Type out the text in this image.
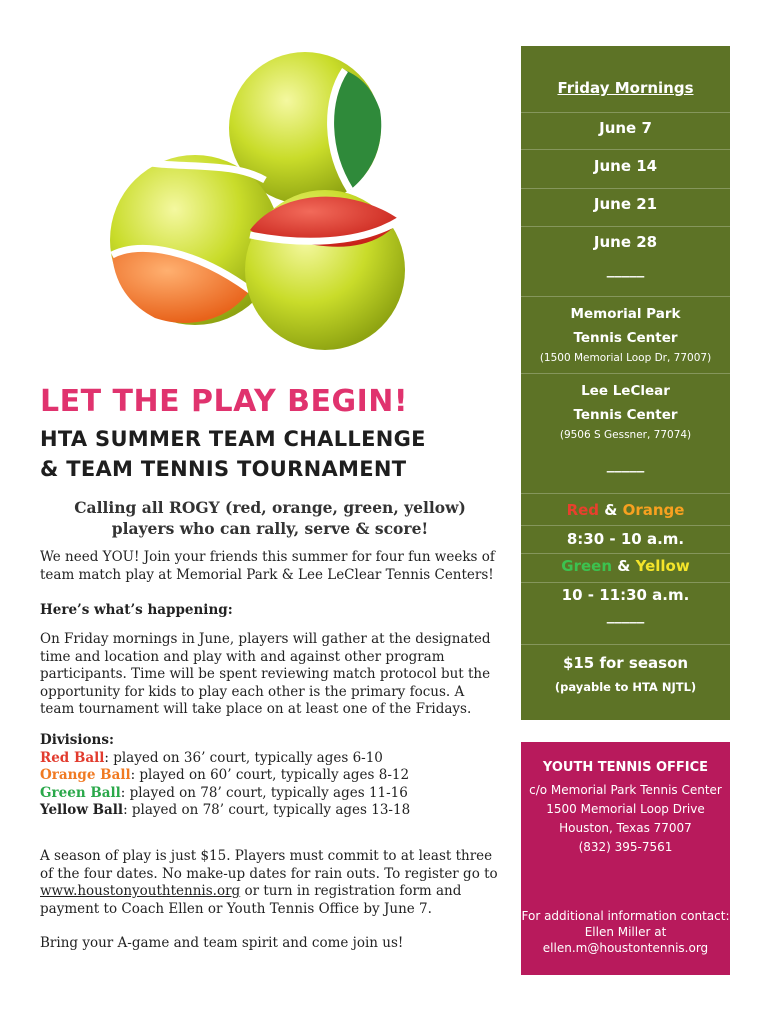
LET THE PLAY BEGIN!
HTA SUMMER TEAM CHALLENGE
& TEAM TENNIS TOURNAMENT
Calling all ROGY (red, orange, green, yellow)
players who can rally, serve & score!
We need YOU! Join your friends this summer for four fun weeks of team match play at Memorial Park & Lee LeClear Tennis Centers!
Here’s what’s happening:
On Friday mornings in June, players will gather at the designated time and location and play with and against other program participants. Time will be spent reviewing match protocol but the opportunity for kids to play each other is the primary focus. A team tournament will take place on at least one of the Fridays.
Divisions:
Red Ball: played on 36’ court, typically ages 6-10
Orange Ball: played on 60’ court, typically ages 8-12
Green Ball: played on 78’ court, typically ages 11-16
Yellow Ball: played on 78’ court, typically ages 13-18
A season of play is just $15. Players must commit to at least three of the four dates. No make-up dates for rain outs. To register go to www.houstonyouthtennis.org or turn in registration form and payment to Coach Ellen or Youth Tennis Office by June 7.
Bring your A-game and team spirit and come join us!
Friday Mornings
June 7
June 14
June 21
June 28
_____
Memorial Park
Tennis Center
(1500 Memorial Loop Dr, 77007)
Lee LeClear
Tennis Center
(9506 S Gessner, 77074)
_____
Red & Orange
8:30 - 10 a.m.
Green & Yellow
10 - 11:30 a.m.
_____
$15 for season
(payable to HTA NJTL)
YOUTH TENNIS OFFICE
c/o Memorial Park Tennis Center
1500 Memorial Loop Drive
Houston, Texas 77007
(832) 395-7561
For additional information contact:
Ellen Miller at
ellen.m@houstontennis.org
